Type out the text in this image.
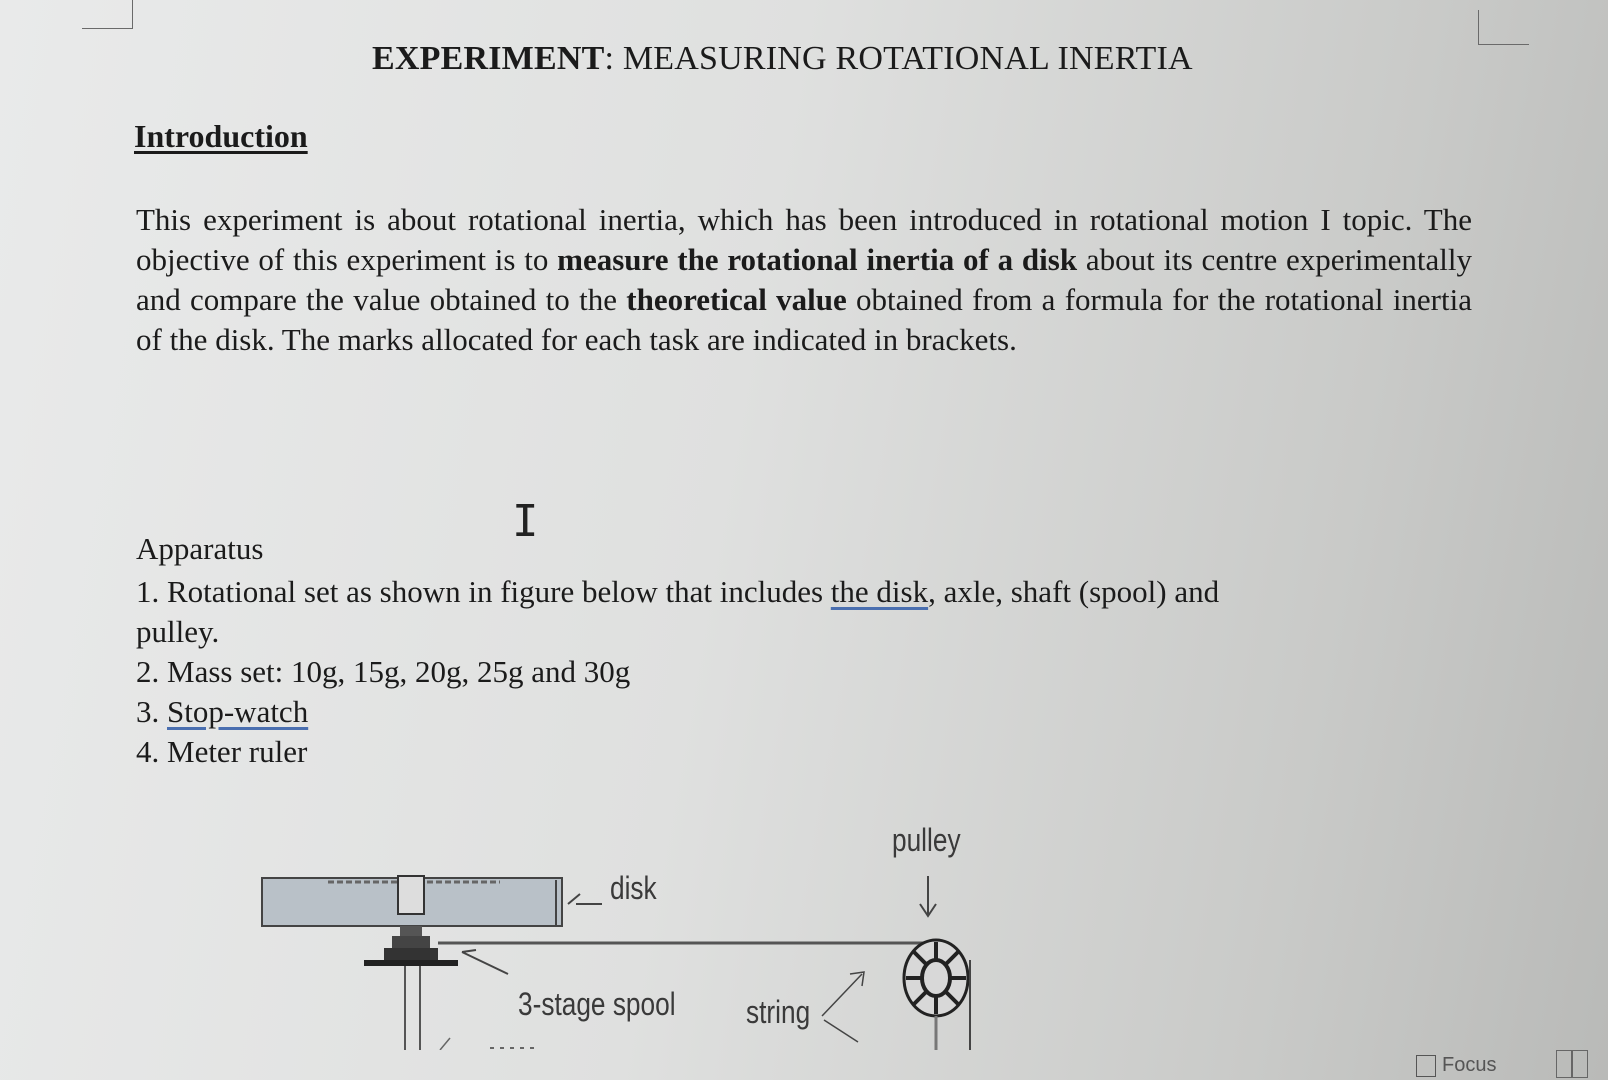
EXPERIMENT: MEASURING ROTATIONAL INERTIA
Introduction
This experiment is about rotational inertia, which has been introduced in rotational motion I topic. The objective of this experiment is to measure the rotational inertia of a disk about its centre experimentally and compare the value obtained to the theoretical value obtained from a formula for the rotational inertia of the disk. The marks allocated for each task are indicated in brackets.
I
Apparatus
1. Rotational set as shown in figure below that includes the disk, axle, shaft (spool) and
pulley.
2. Mass set: 10g, 15g, 20g, 25g and 30g
3. Stop-watch
4. Meter ruler
disk
pulley
3-stage spool string
Focus
